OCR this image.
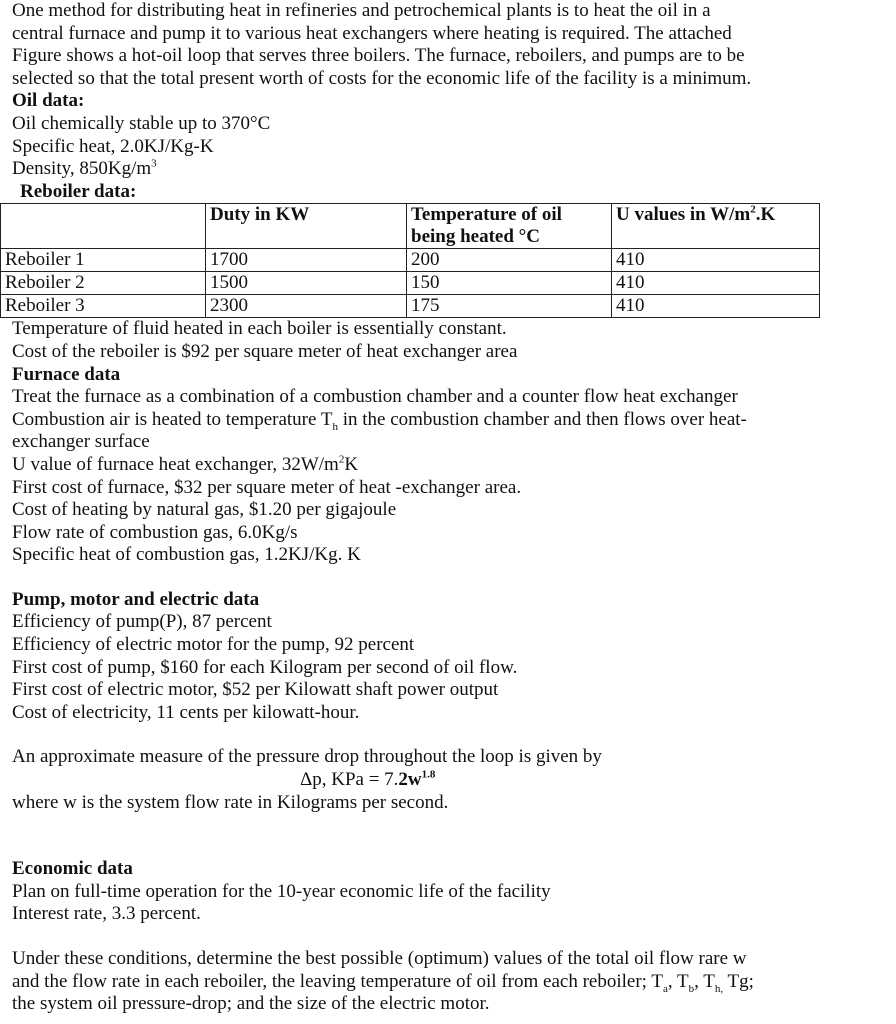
One method for distributing heat in refineries and petrochemical plants is to heat the oil in a
central furnace and pump it to various heat exchangers where heating is required. The attached
Figure shows a hot-oil loop that serves three boilers. The furnace, reboilers, and pumps are to be
selected so that the total present worth of costs for the economic life of the facility is a minimum.
Oil data:
Oil chemically stable up to 370°C
Specific heat, 2.0KJ/Kg-K
Density, $850Kg/m^3$
Reboiler data:
	Duty in KW	Temperature of oil being heated °C	U values in $W/m^2.K$
Reboiler 1	1700	200	410
Reboiler 2	1500	150	410
Reboiler 3	2300	175	410
Temperature of fluid heated in each boiler is essentially constant.
Cost of the reboiler is $92 per square meter of heat exchanger area
Furnace data
Treat the furnace as a combination of a combustion chamber and a counter flow heat exchanger
Combustion air is heated to temperature $T_h$ in the combustion chamber and then flows over heat-
exchanger surface
U value of furnace heat exchanger, $32W/m^2K$
First cost of furnace, $32 per square meter of heat -exchanger area.
Cost of heating by natural gas, $1.20 per gigajoule
Flow rate of combustion gas, 6.0Kg/s
Specific heat of combustion gas, 1.2KJ/Kg. K
Pump, motor and electric data
Efficiency of pump(P), 87 percent
Efficiency of electric motor for the pump, 92 percent
First cost of pump, $160 for each Kilogram per second of oil flow.
First cost of electric motor, $52 per Kilowatt shaft power output
Cost of electricity, 11 cents per kilowatt-hour.
An approximate measure of the pressure drop throughout the loop is given by
Δp, KPa = $7.2w^{1.8}$
where w is the system flow rate in Kilograms per second.
Economic data
Plan on full-time operation for the 10-year economic life of the facility
Interest rate, 3.3 percent.
Under these conditions, determine the best possible (optimum) values of the total oil flow rare w
and the flow rate in each reboiler, the leaving temperature of oil from each reboiler; $T_a$, $T_b$, $T_{h,}$ Tg;
the system oil pressure-drop; and the size of the electric motor.
